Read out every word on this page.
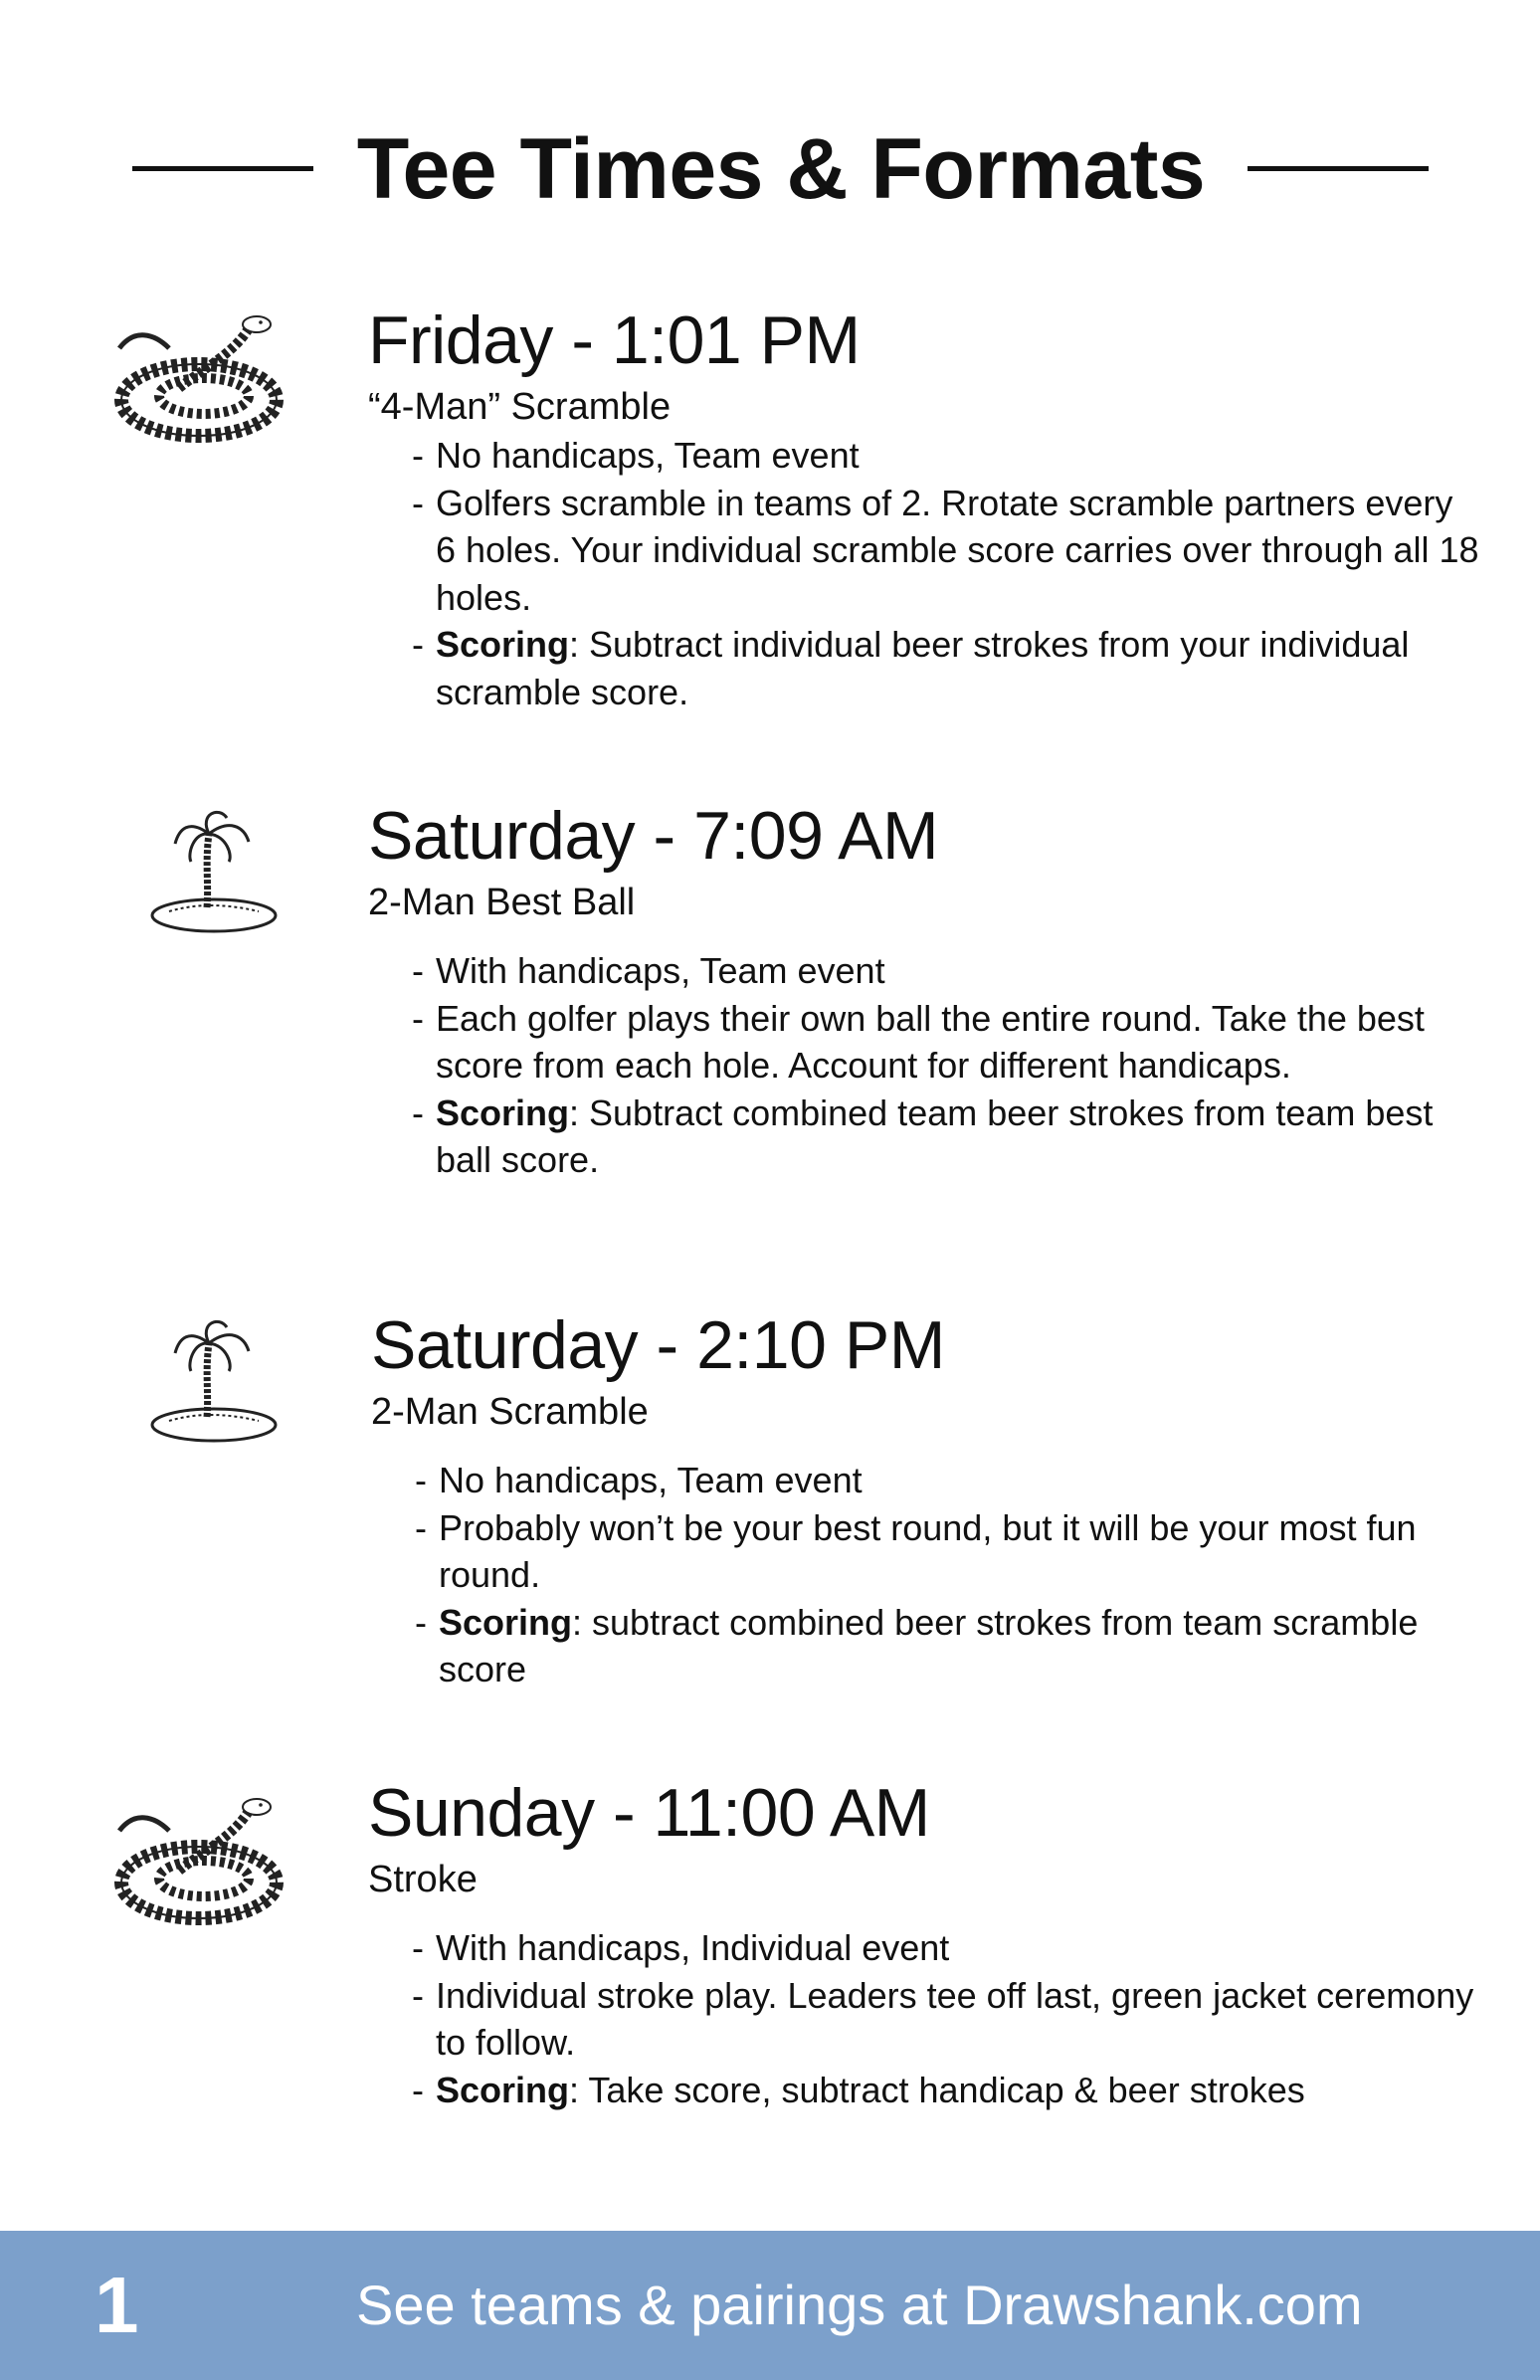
Tee Times & Formats
Friday - 1:01 PM
“4-Man” Scramble
- No handicaps, Team event
- Golfers scramble in teams of 2. Rrotate scramble partners every 6 holes. Your individual scramble score carries over through all 18 holes.
- Scoring: Subtract individual beer strokes from your individual scramble score.
Saturday - 7:09 AM
2-Man Best Ball
- With handicaps, Team event
- Each golfer plays their own ball the entire round. Take the best score from each hole. Account for different handicaps.
- Scoring: Subtract combined team beer strokes from team best ball score.
Saturday - 2:10 PM
2-Man Scramble
- No handicaps, Team event
- Probably won’t be your best round, but it will be your most fun round.
- Scoring: subtract combined beer strokes from team scramble score
Sunday - 11:00 AM
Stroke
- With handicaps, Individual event
- Individual stroke play. Leaders tee off last, green jacket ceremony to follow.
- Scoring: Take score, subtract handicap & beer strokes
1	See teams & pairings at Drawshank.com
